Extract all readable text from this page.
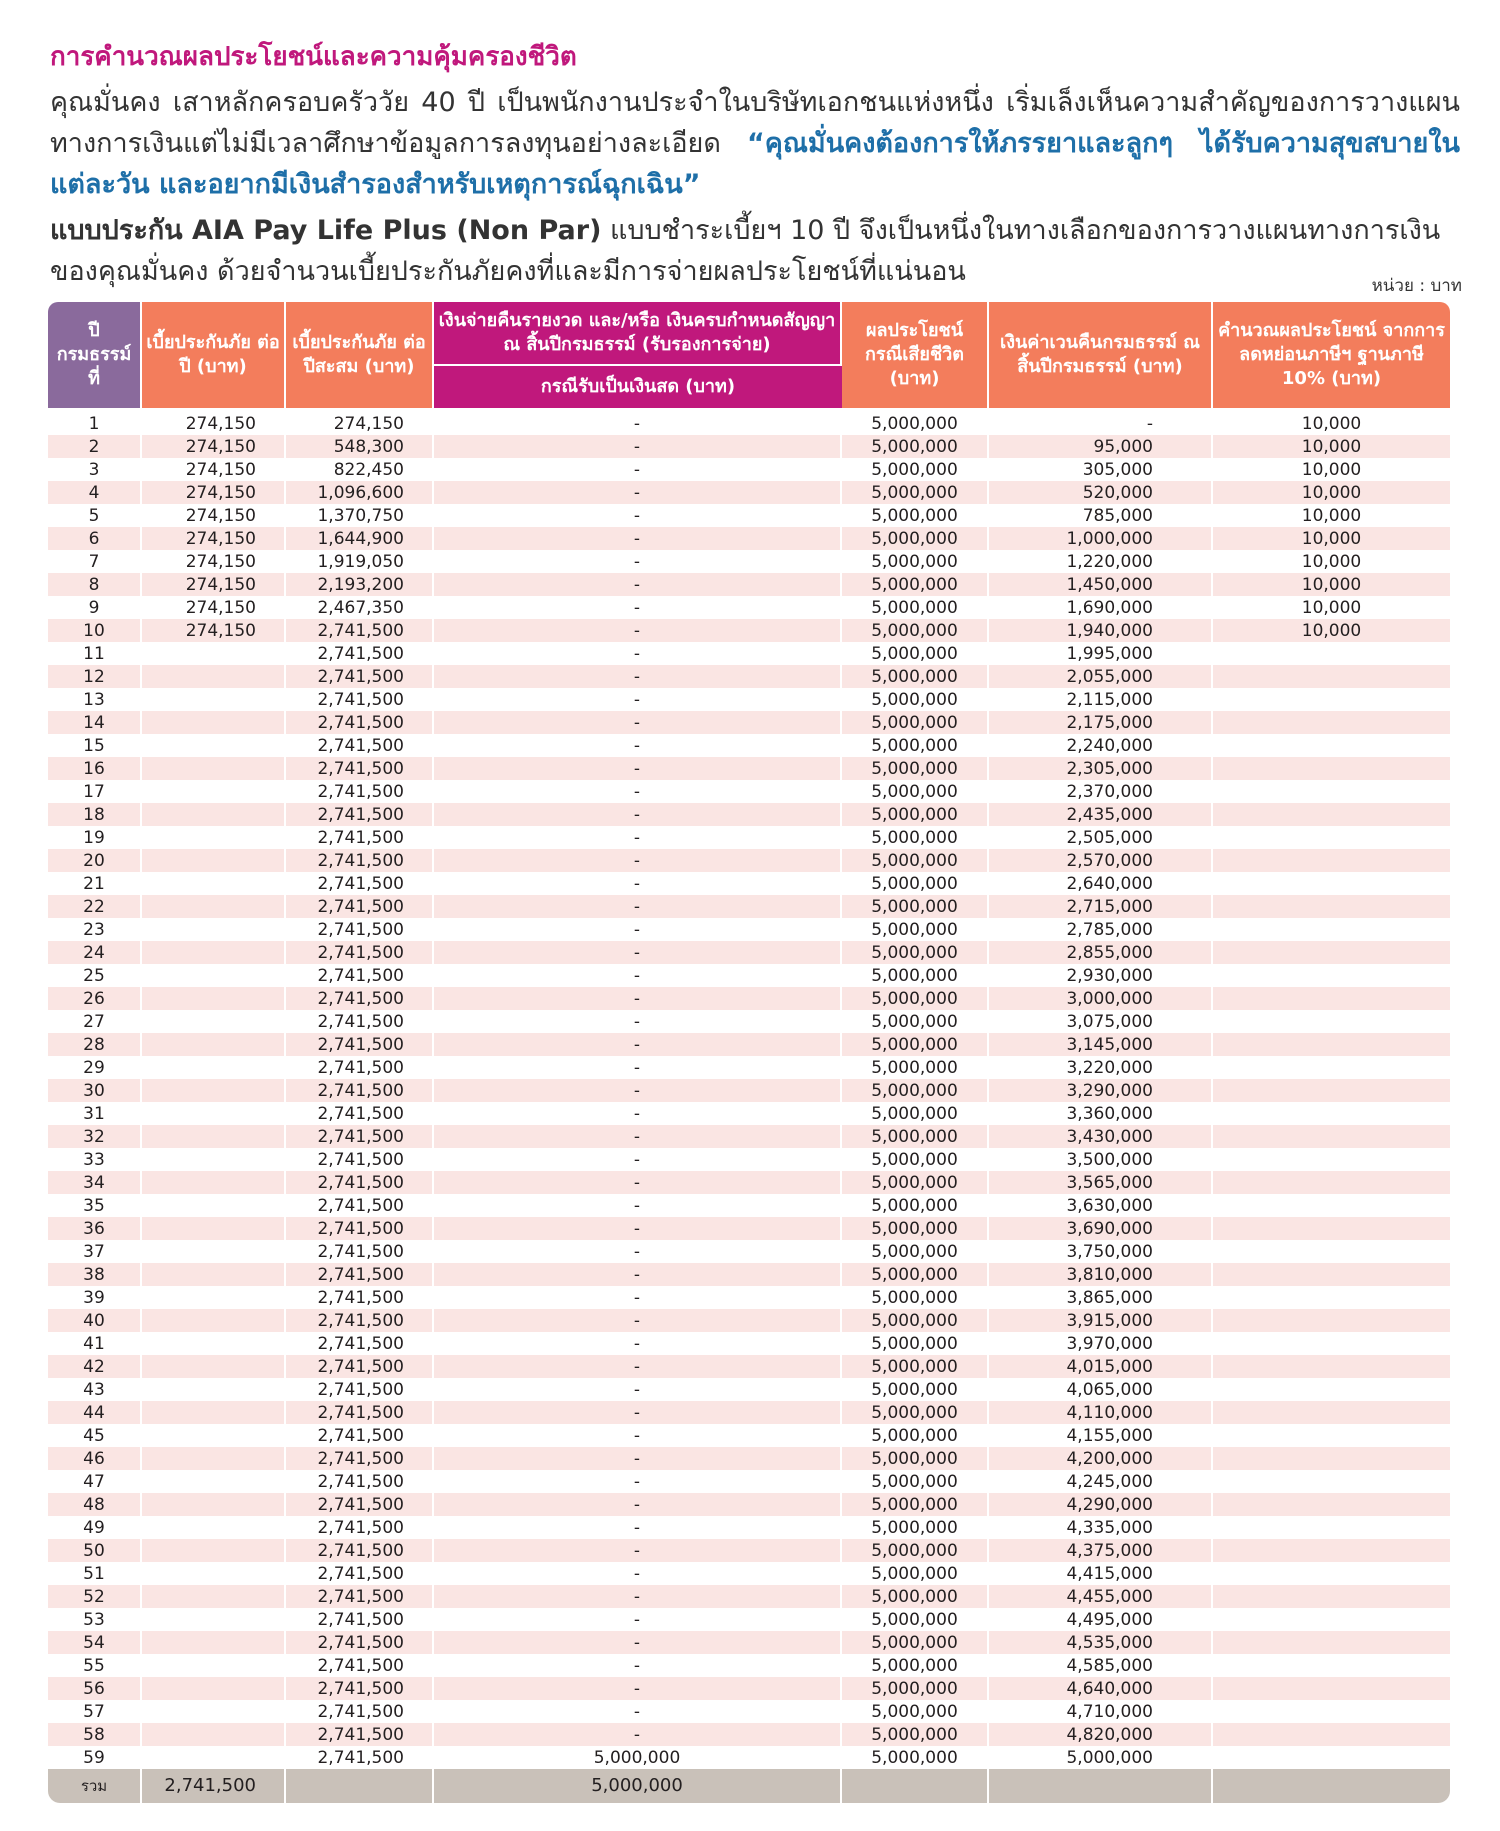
การคำนวณผลประโยชน์และความคุ้มครองชีวิต
คุณมั่นคง เสาหลักครอบครัววัย 40 ปี เป็นพนักงานประจำในบริษัทเอกชนแห่งหนึ่ง เริ่มเล็งเห็นความสำคัญของการวางแผนทางการเงินแต่ไม่มีเวลาศึกษาข้อมูลการลงทุนอย่างละเอียด “คุณมั่นคงต้องการให้ภรรยาและลูกๆ ได้รับความสุขสบายในแต่ละวัน และอยากมีเงินสำรองสำหรับเหตุการณ์ฉุกเฉิน”
แบบประกัน AIA Pay Life Plus (Non Par) แบบชำระเบี้ยฯ 10 ปี จึงเป็นหนึ่งในทางเลือกของการวางแผนทางการเงินของคุณมั่นคง ด้วยจำนวนเบี้ยประกันภัยคงที่และมีการจ่ายผลประโยชน์ที่แน่นอน	หน่วย : บาท
ปี กรมธรรม์ ที่	เบี้ยประกันภัย ต่อปี (บาท)	เบี้ยประกันภัย ต่อปีสะสม (บาท)	เงินจ่ายคืนรายงวด และ/หรือ เงินครบกำหนดสัญญา ณ สิ้นปีกรมธรรม์ (รับรองการจ่าย)	ผลประโยชน์ กรณีเสียชีวิต (บาท)	เงินค่าเวนคืนกรมธรรม์ ณ สิ้นปีกรมธรรม์ (บาท)	คำนวณผลประโยชน์ จากการลดหย่อนภาษีฯ ฐานภาษี 10% (บาท)
			กรณีรับเป็นเงินสด (บาท)			
1	274,150	274,150	-	5,000,000	-	10,000
2	274,150	548,300	-	5,000,000	95,000	10,000
3	274,150	822,450	-	5,000,000	305,000	10,000
4	274,150	1,096,600	-	5,000,000	520,000	10,000
5	274,150	1,370,750	-	5,000,000	785,000	10,000
6	274,150	1,644,900	-	5,000,000	1,000,000	10,000
7	274,150	1,919,050	-	5,000,000	1,220,000	10,000
8	274,150	2,193,200	-	5,000,000	1,450,000	10,000
9	274,150	2,467,350	-	5,000,000	1,690,000	10,000
10	274,150	2,741,500	-	5,000,000	1,940,000	10,000
11		2,741,500	-	5,000,000	1,995,000	
12		2,741,500	-	5,000,000	2,055,000	
13		2,741,500	-	5,000,000	2,115,000	
14		2,741,500	-	5,000,000	2,175,000	
15		2,741,500	-	5,000,000	2,240,000	
16		2,741,500	-	5,000,000	2,305,000	
17		2,741,500	-	5,000,000	2,370,000	
18		2,741,500	-	5,000,000	2,435,000	
19		2,741,500	-	5,000,000	2,505,000	
20		2,741,500	-	5,000,000	2,570,000	
21		2,741,500	-	5,000,000	2,640,000	
22		2,741,500	-	5,000,000	2,715,000	
23		2,741,500	-	5,000,000	2,785,000	
24		2,741,500	-	5,000,000	2,855,000	
25		2,741,500	-	5,000,000	2,930,000	
26		2,741,500	-	5,000,000	3,000,000	
27		2,741,500	-	5,000,000	3,075,000	
28		2,741,500	-	5,000,000	3,145,000	
29		2,741,500	-	5,000,000	3,220,000	
30		2,741,500	-	5,000,000	3,290,000	
31		2,741,500	-	5,000,000	3,360,000	
32		2,741,500	-	5,000,000	3,430,000	
33		2,741,500	-	5,000,000	3,500,000	
34		2,741,500	-	5,000,000	3,565,000	
35		2,741,500	-	5,000,000	3,630,000	
36		2,741,500	-	5,000,000	3,690,000	
37		2,741,500	-	5,000,000	3,750,000	
38		2,741,500	-	5,000,000	3,810,000	
39		2,741,500	-	5,000,000	3,865,000	
40		2,741,500	-	5,000,000	3,915,000	
41		2,741,500	-	5,000,000	3,970,000	
42		2,741,500	-	5,000,000	4,015,000	
43		2,741,500	-	5,000,000	4,065,000	
44		2,741,500	-	5,000,000	4,110,000	
45		2,741,500	-	5,000,000	4,155,000	
46		2,741,500	-	5,000,000	4,200,000	
47		2,741,500	-	5,000,000	4,245,000	
48		2,741,500	-	5,000,000	4,290,000	
49		2,741,500	-	5,000,000	4,335,000	
50		2,741,500	-	5,000,000	4,375,000	
51		2,741,500	-	5,000,000	4,415,000	
52		2,741,500	-	5,000,000	4,455,000	
53		2,741,500	-	5,000,000	4,495,000	
54		2,741,500	-	5,000,000	4,535,000	
55		2,741,500	-	5,000,000	4,585,000	
56		2,741,500	-	5,000,000	4,640,000	
57		2,741,500	-	5,000,000	4,710,000	
58		2,741,500	-	5,000,000	4,820,000	
59		2,741,500	5,000,000	5,000,000	5,000,000	
รวม	2,741,500		5,000,000			
